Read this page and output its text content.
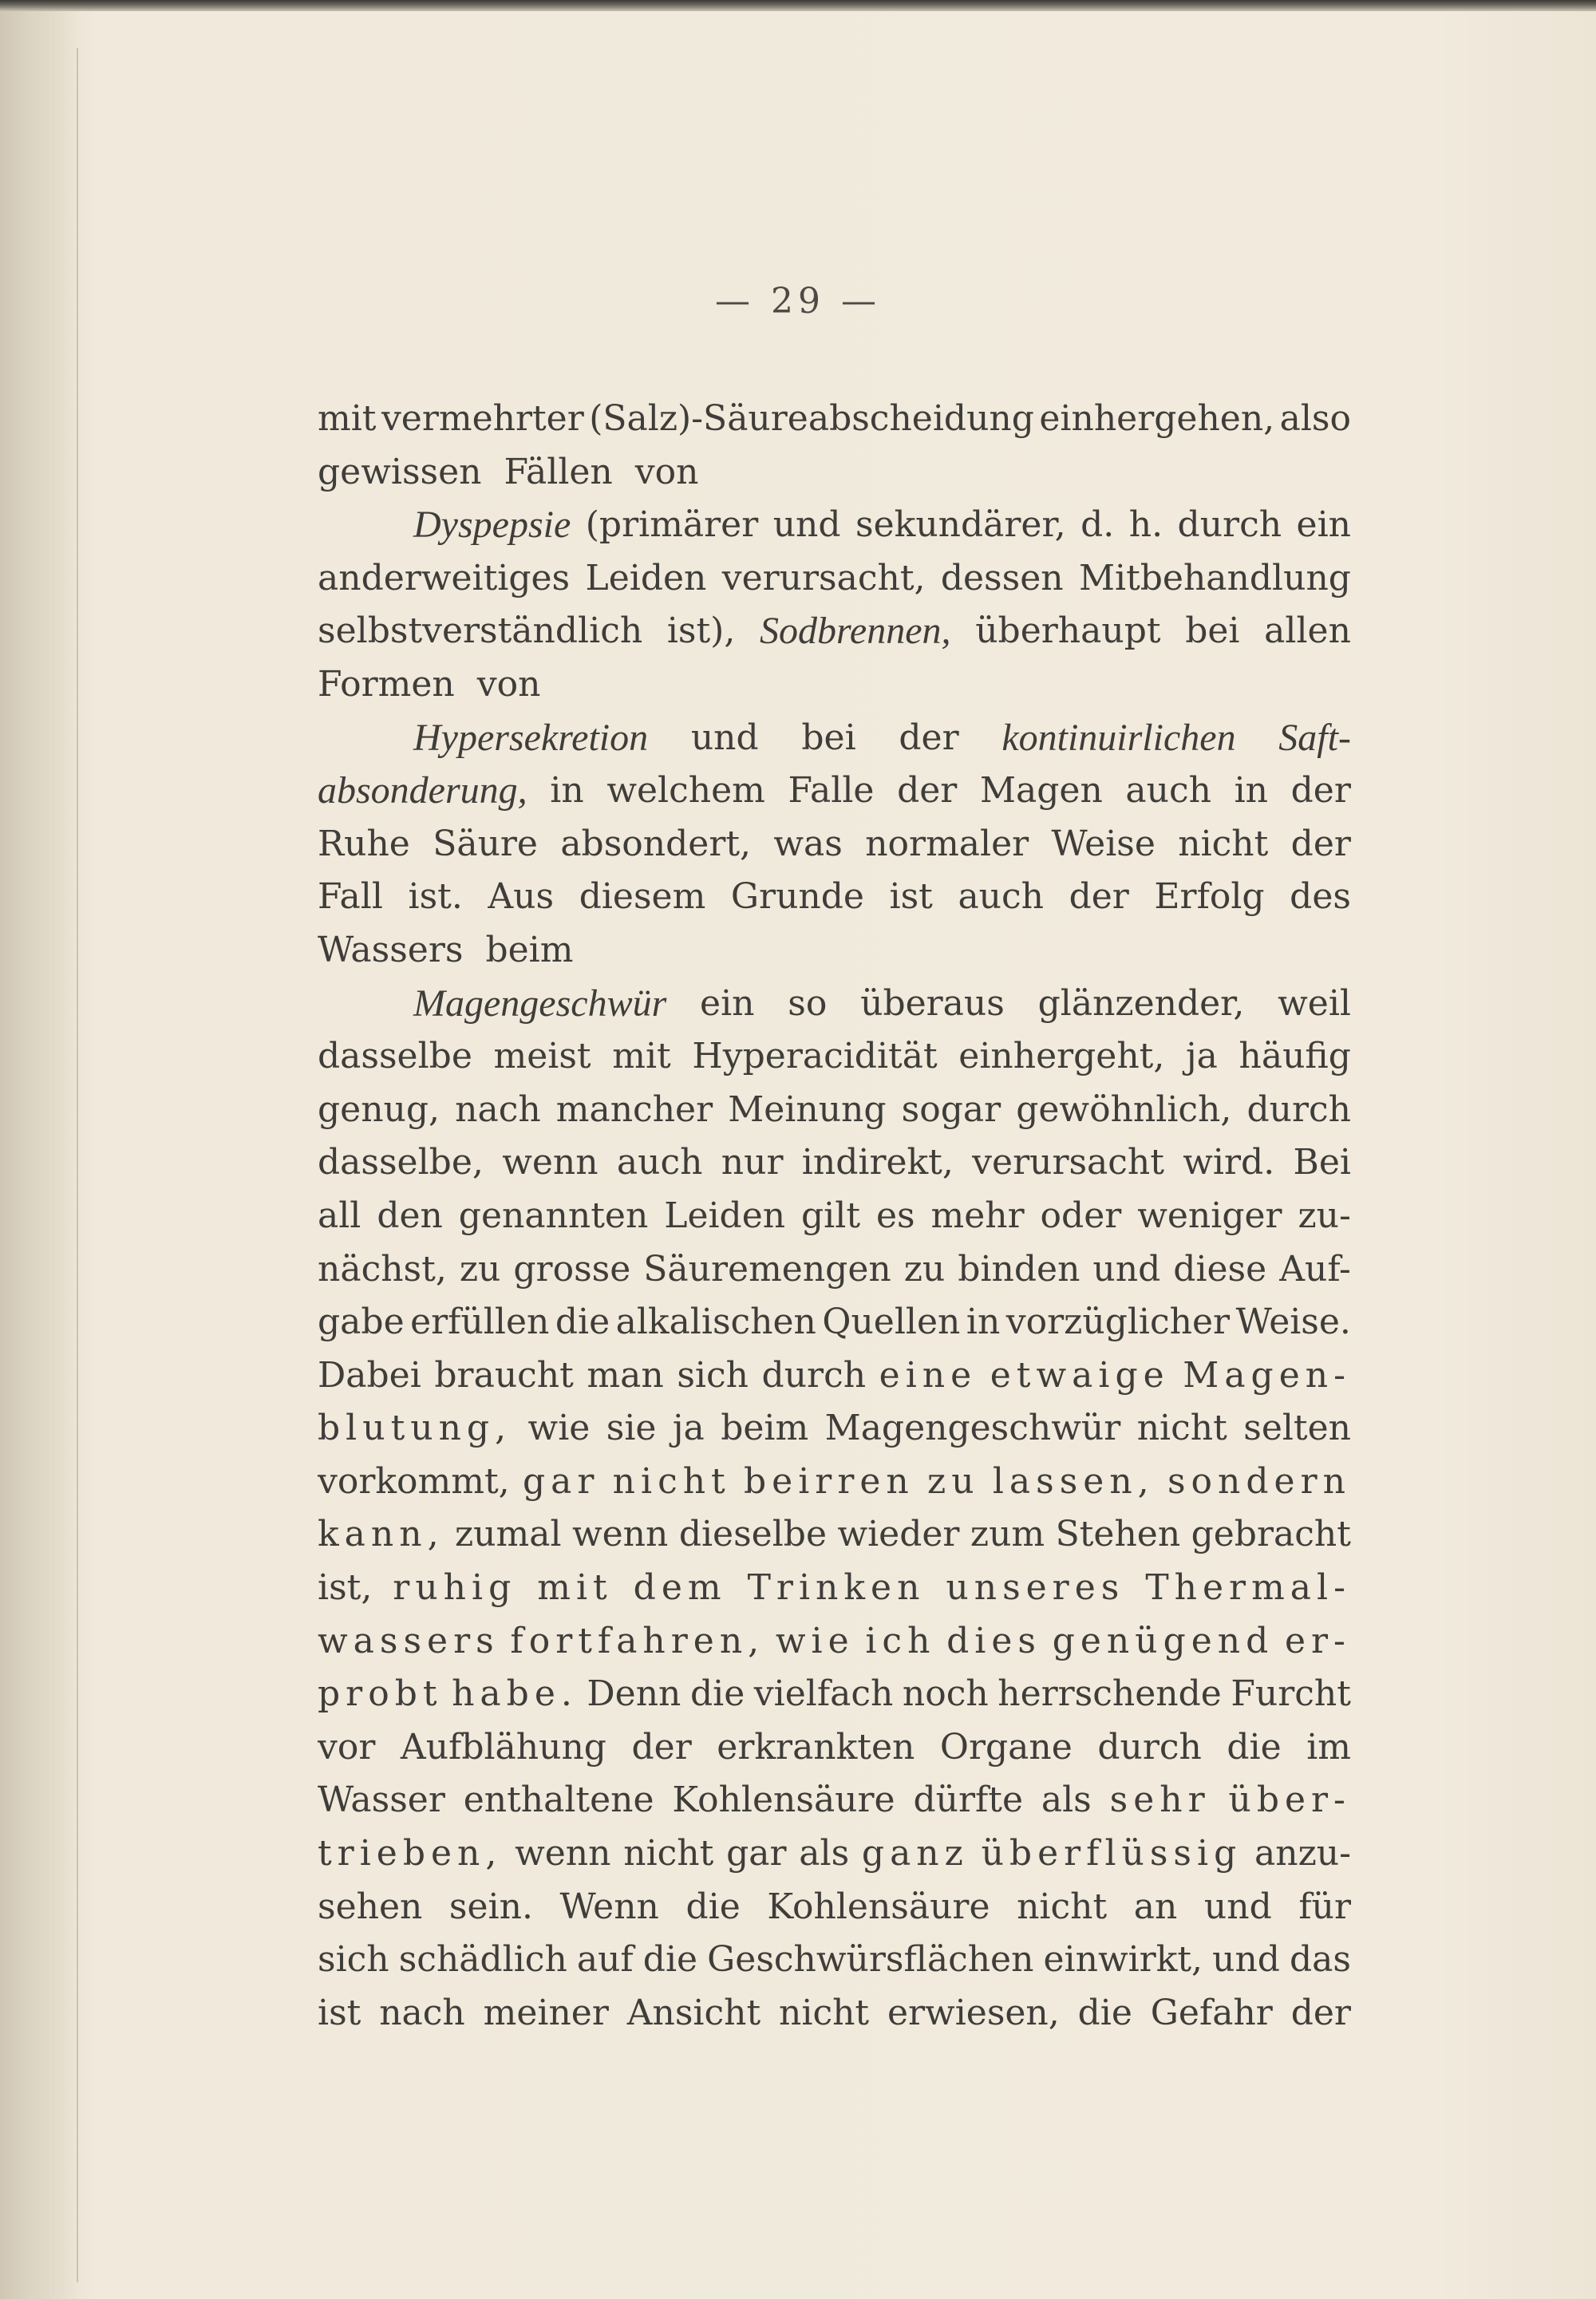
— 29 —
mit vermehrter (Salz)-Säureabscheidung einhergehen, also
gewissen Fällen von
Dyspepsie (primärer und sekundärer, d. h. durch ein
anderweitiges Leiden verursacht, dessen Mitbehandlung
selbstverständlich ist), Sodbrennen, überhaupt bei allen
Formen von
Hypersekretion und bei der kontinuirlichen Saft-
absonderung, in welchem Falle der Magen auch in der
Ruhe Säure absondert, was normaler Weise nicht der
Fall ist. Aus diesem Grunde ist auch der Erfolg des
Wassers beim
Magengeschwür ein so überaus glänzender, weil
dasselbe meist mit Hyperacidität einhergeht, ja häufig
genug, nach mancher Meinung sogar gewöhnlich, durch
dasselbe, wenn auch nur indirekt, verursacht wird. Bei
all den genannten Leiden gilt es mehr oder weniger zu-
nächst, zu grosse Säuremengen zu binden und diese Auf-
gabe erfüllen die alkalischen Quellen in vorzüglicher Weise.
Dabei braucht man sich durch eine etwaige Magen-
blutung, wie sie ja beim Magengeschwür nicht selten
vorkommt, gar nicht beirren zu lassen, sondern
kann, zumal wenn dieselbe wieder zum Stehen gebracht
ist, ruhig mit dem Trinken unseres Thermal-
wassers fortfahren, wie ich dies genügend er-
probt habe. Denn die vielfach noch herrschende Furcht
vor Aufblähung der erkrankten Organe durch die im
Wasser enthaltene Kohlensäure dürfte als sehr über-
trieben, wenn nicht gar als ganz überflüssig anzu-
sehen sein. Wenn die Kohlensäure nicht an und für
sich schädlich auf die Geschwürsflächen einwirkt, und das
ist nach meiner Ansicht nicht erwiesen, die Gefahr der
